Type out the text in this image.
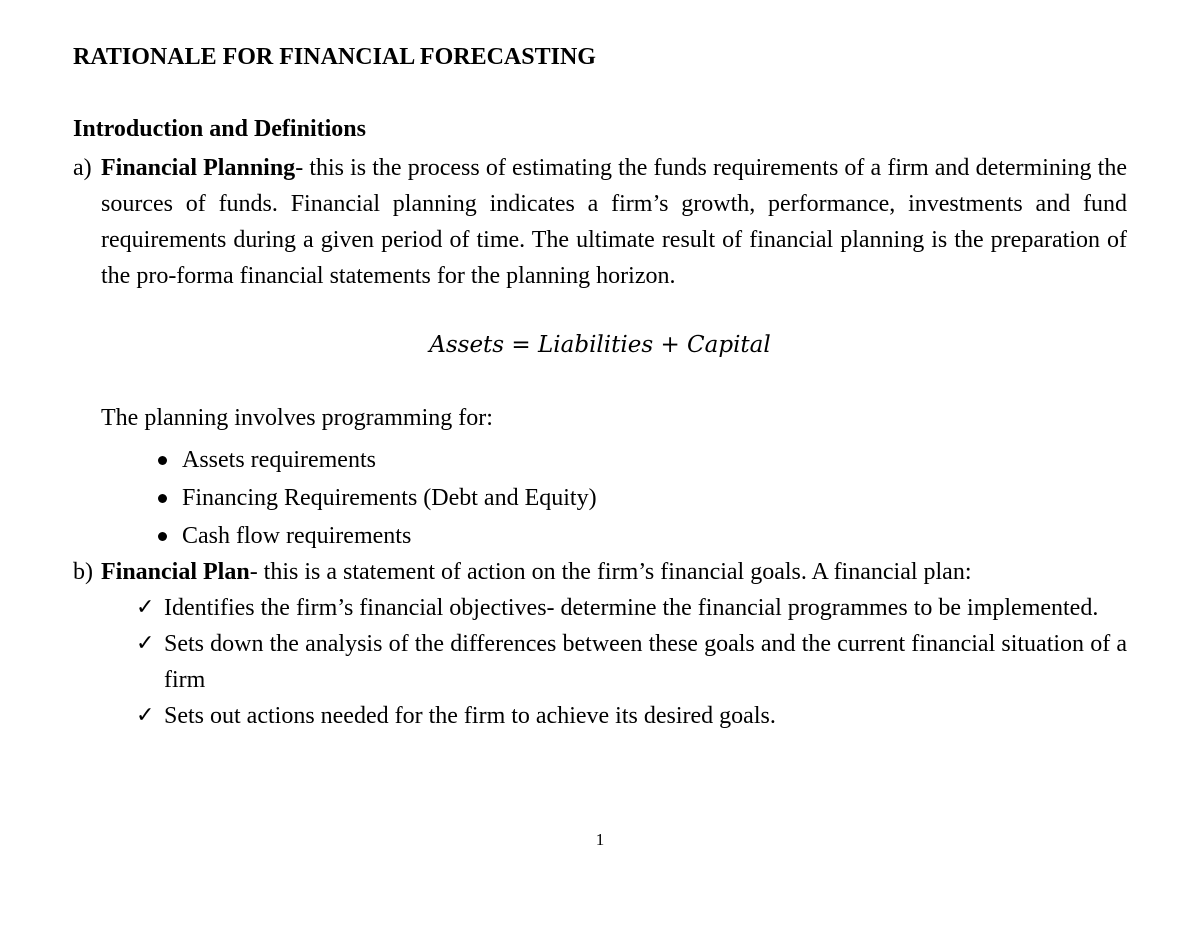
RATIONALE FOR FINANCIAL FORECASTING
Introduction and Definitions
a) Financial Planning- this is the process of estimating the funds requirements of a firm and determining the sources of funds. Financial planning indicates a firm’s growth, performance, investments and fund requirements during a given period of time. The ultimate result of financial planning is the preparation of the pro-forma financial statements for the planning horizon.
Assets = Liabilities + Capital
The planning involves programming for:
Assets requirements
Financing Requirements (Debt and Equity)
Cash flow requirements
b) Financial Plan- this is a statement of action on the firm’s financial goals. A financial plan:
✓ Identifies the firm’s financial objectives- determine the financial programmes to be implemented.
✓ Sets down the analysis of the differences between these goals and the current financial situation of a firm
✓ Sets out actions needed for the firm to achieve its desired goals.
1
